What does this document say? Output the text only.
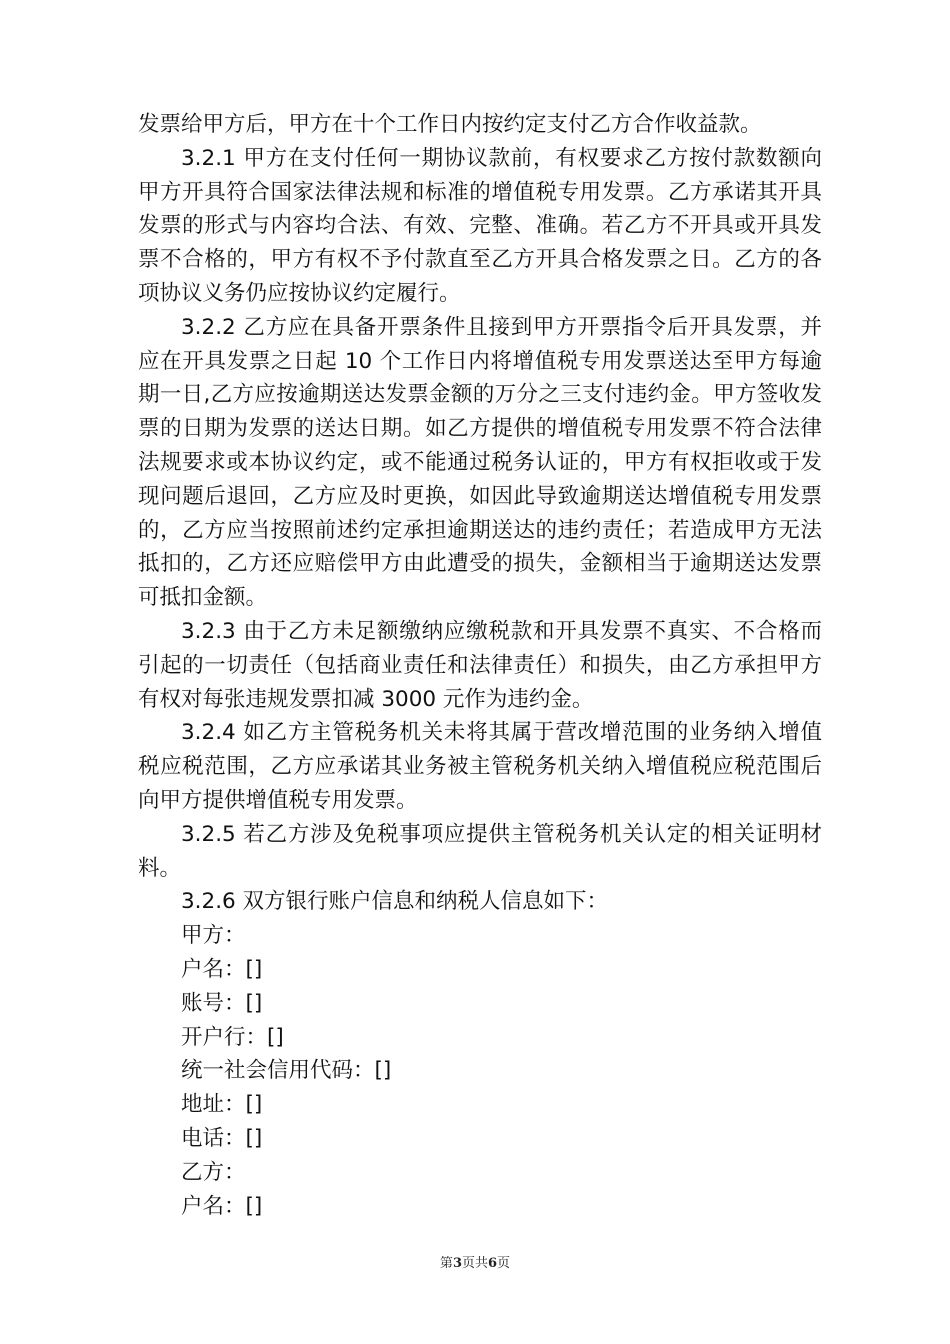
发票给甲方后，甲方在十个工作日内按约定支付乙方合作收益款。

3.2.1 甲方在支付任何一期协议款前，有权要求乙方按付款数额向甲方开具符合国家法律法规和标准的增值税专用发票。乙方承诺其开具发票的形式与内容均合法、有效、完整、准确。若乙方不开具或开具发票不合格的，甲方有权不予付款直至乙方开具合格发票之日。乙方的各项协议义务仍应按协议约定履行。

3.2.2 乙方应在具备开票条件且接到甲方开票指令后开具发票，并应在开具发票之日起 10 个工作日内将增值税专用发票送达至甲方每逾期一日,乙方应按逾期送达发票金额的万分之三支付违约金。甲方签收发票的日期为发票的送达日期。如乙方提供的增值税专用发票不符合法律法规要求或本协议约定，或不能通过税务认证的，甲方有权拒收或于发现问题后退回，乙方应及时更换，如因此导致逾期送达增值税专用发票的，乙方应当按照前述约定承担逾期送达的违约责任；若造成甲方无法抵扣的，乙方还应赔偿甲方由此遭受的损失，金额相当于逾期送达发票可抵扣金额。

3.2.3 由于乙方未足额缴纳应缴税款和开具发票不真实、不合格而引起的一切责任（包括商业责任和法律责任）和损失，由乙方承担甲方有权对每张违规发票扣减 3000 元作为违约金。

3.2.4 如乙方主管税务机关未将其属于营改增范围的业务纳入增值税应税范围，乙方应承诺其业务被主管税务机关纳入增值税应税范围后向甲方提供增值税专用发票。

3.2.5 若乙方涉及免税事项应提供主管税务机关认定的相关证明材料。

3.2.6 双方银行账户信息和纳税人信息如下：

甲方：

户名：[]

账号：[]

开户行：[]

统一社会信用代码：[]

地址：[]

电话：[]

乙方：

户名：[]

第3页共6页
